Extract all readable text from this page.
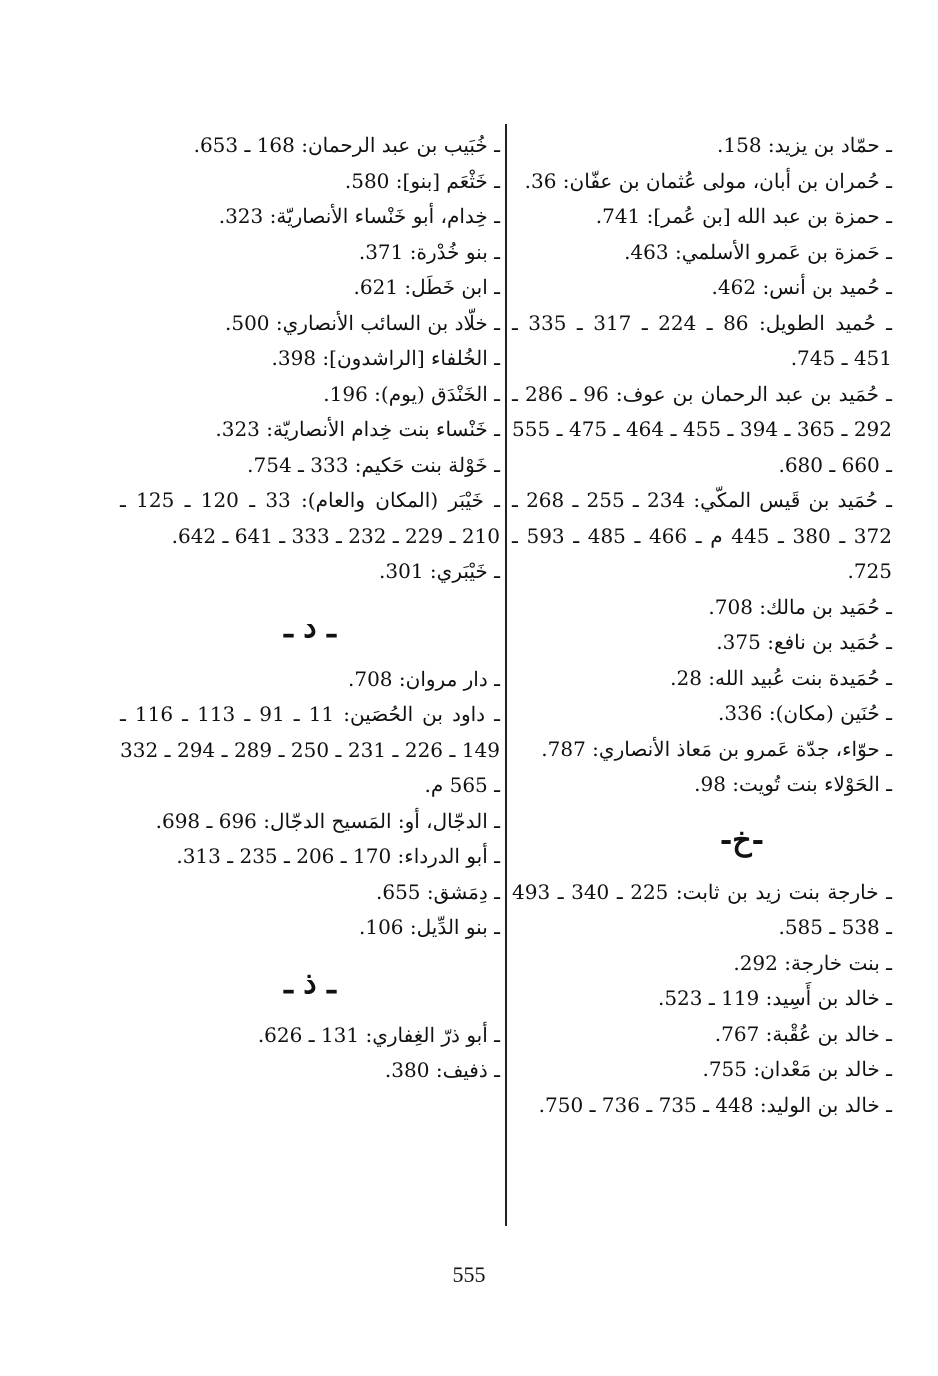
ـ حمّاد بن يزيد: 158.
ـ حُمران بن أبان، مولى عُثمان بن عفّان: 36.
ـ حمزة بن عبد الله [بن عُمر]: 741.
ـ حَمزة بن عَمرو الأسلمي: 463.
ـ حُميد بن أنس: 462.
ـ حُميد الطويل: 86 ـ 224 ـ 317 ـ 335 ـ 451 ـ 745.
ـ حُمَيد بن عبد الرحمان بن عوف: 96 ـ 286 ـ 292 ـ 365 ـ 394 ـ 455 ـ 464 ـ 475 ـ 555 ـ 660 ـ 680.
ـ حُمَيد بن قَيس المكّي: 234 ـ 255 ـ 268 ـ 372 ـ 380 ـ 445 م ـ 466 ـ 485 ـ 593 ـ 725.
ـ حُمَيد بن مالك: 708.
ـ حُمَيد بن نافع: 375.
ـ حُمَيدة بنت عُبيد الله: 28.
ـ حُنَين (مكان): 336.
ـ حوّاء، جدّة عَمرو بن مَعاذ الأنصاري: 787.
ـ الحَوْلاء بنت تُويت: 98.
-خ-
ـ خارجة بنت زيد بن ثابت: 225 ـ 340 ـ 493 ـ 538 ـ 585.
ـ بنت خارجة: 292.
ـ خالد بن أَسِيد: 119 ـ 523.
ـ خالد بن عُقْبة: 767.
ـ خالد بن مَعْدان: 755.
ـ خالد بن الوليد: 448 ـ 735 ـ 736 ـ 750.
ـ خُبَيب بن عبد الرحمان: 168 ـ 653.
ـ خَثْعَم [بنو]: 580.
ـ خِدام، أبو خَنْساء الأنصاريّة: 323.
ـ بنو خُدْرة: 371.
ـ ابن خَطَل: 621.
ـ خلّاد بن السائب الأنصاري: 500.
ـ الخُلفاء [الراشدون]: 398.
ـ الخَنْدَق (يوم): 196.
ـ خَنْساء بنت خِدام الأنصاريّة: 323.
ـ خَوْلة بنت حَكيم: 333 ـ 754.
ـ خَيْبَر (المكان والعام): 33 ـ 120 ـ 125 ـ 210 ـ 229 ـ 232 ـ 333 ـ 641 ـ 642.
ـ خَيْبَري: 301.
ـ د ـ
ـ دار مروان: 708.
ـ داود بن الحُصَين: 11 ـ 91 ـ 113 ـ 116 ـ 149 ـ 226 ـ 231 ـ 250 ـ 289 ـ 294 ـ 332 ـ 565 م.
ـ الدجّال، أو: المَسيح الدجّال: 696 ـ 698.
ـ أبو الدرداء: 170 ـ 206 ـ 235 ـ 313.
ـ دِمَشق: 655.
ـ بنو الدِّيل: 106.
ـ ذ ـ
ـ أبو ذرّ الغِفاري: 131 ـ 626.
ـ ذفيف: 380.
555
